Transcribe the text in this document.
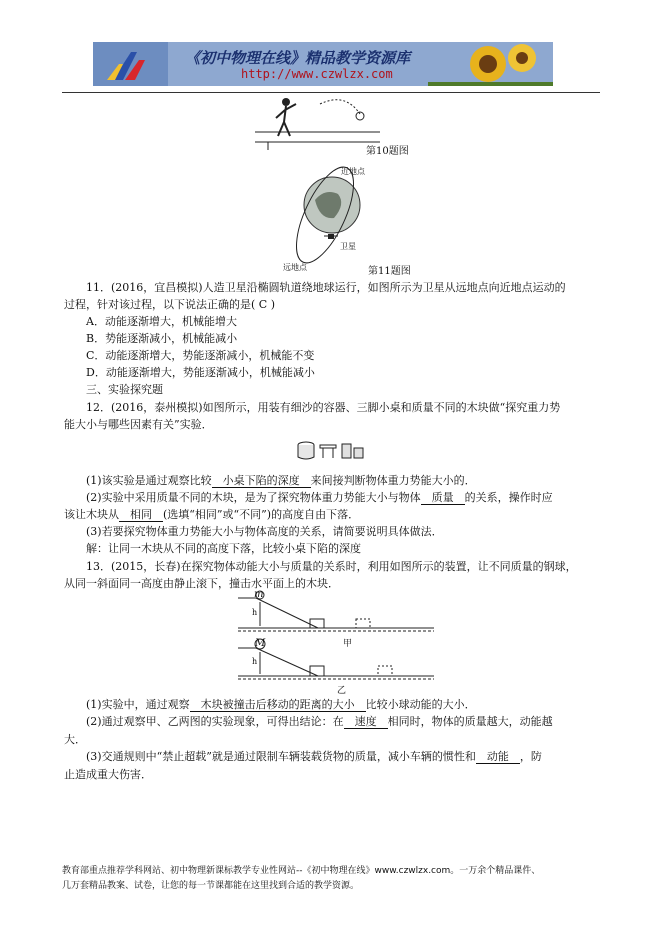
《初中物理在线》精品教学资源库
http://www.czwlzx.com
第10题图
近地点
卫星
远地点	第11题图
11．(2016，宜昌模拟)人造卫星沿椭圆轨道绕地球运行，如图所示为卫星从远地点向近地点运动的
过程，针对该过程，以下说法正确的是( C )
A．动能逐渐增大，机械能增大
B．势能逐渐减小，机械能减小
C．动能逐渐增大，势能逐渐减小，机械能不变
D．动能逐渐增大，势能逐渐减小，机械能减小
三、实验探究题
12．(2016，泰州模拟)如图所示，用装有细沙的容器、三脚小桌和质量不同的木块做“探究重力势
能大小与哪些因素有关”实验．
(1)该实验是通过观察比较　小桌下陷的深度　来间接判断物体重力势能大小的．
(2)实验中采用质量不同的木块，是为了探究物体重力势能大小与物体　质量　的关系，操作时应
该让木块从　相同　(选填“相同”或“不同”)的高度自由下落．
(3)若要探究物体重力势能大小与物体高度的关系，请简要说明具体做法．
解：让同一木块从不同的高度下落，比较小桌下陷的深度
13．(2015，长春)在探究物体动能大小与质量的关系时，利用如图所示的装置，让不同质量的钢球，
从同一斜面同一高度由静止滚下，撞击水平面上的木块．
m
h
甲
M
h
乙
(1)实验中，通过观察　木块被撞击后移动的距离的大小　比较小球动能的大小．
(2)通过观察甲、乙两图的实验现象，可得出结论：在　速度　相同时，物体的质量越大，动能越
大．
(3)交通规则中“禁止超载”就是通过限制车辆装载货物的质量，减小车辆的惯性和　动能　，防
止造成重大伤害．
教育部重点推荐学科网站、初中物理新课标教学专业性网站--《初中物理在线》www.czwlzx.com。一万余个精品课件、
几万套精品教案、试卷，让您的每一节课都能在这里找到合适的教学资源。
